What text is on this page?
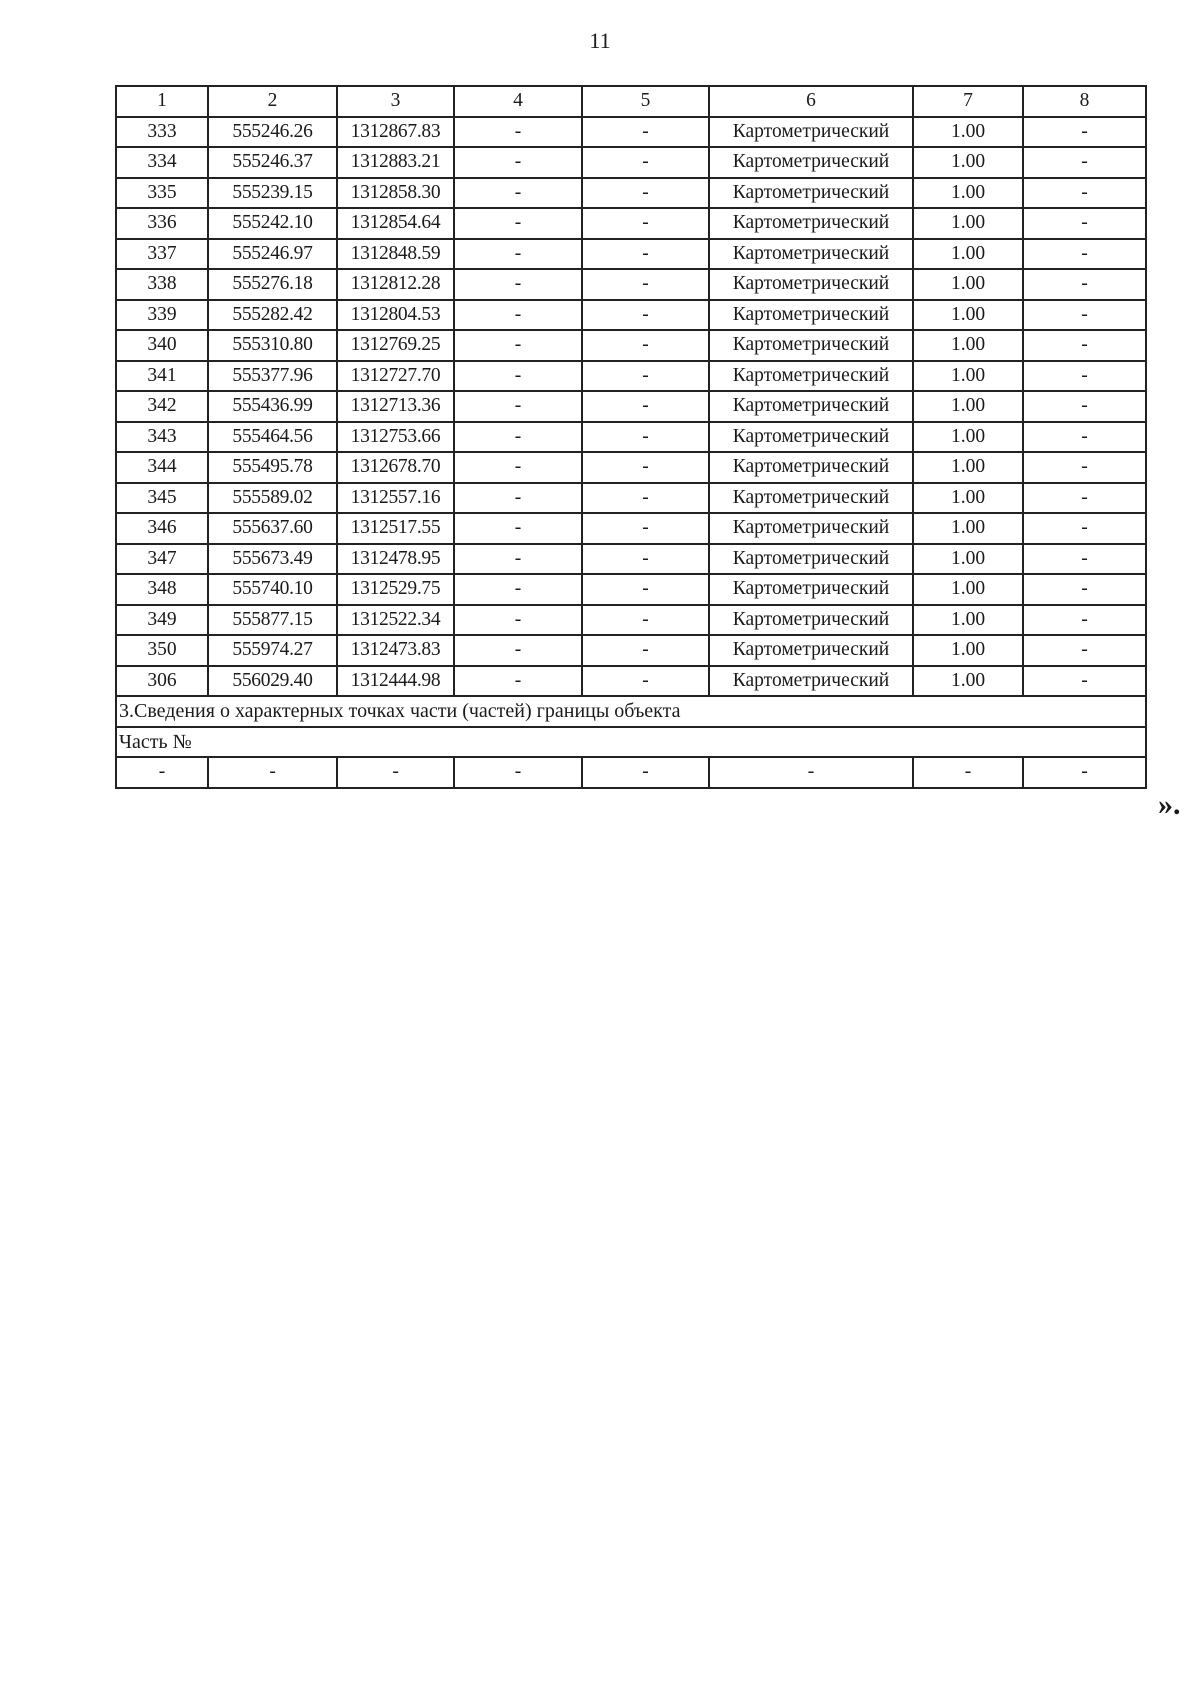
11
1	2	3	4	5	6	7	8
333	555246.26	1312867.83	-	-	Картометрический	1.00	-
334	555246.37	1312883.21	-	-	Картометрический	1.00	-
335	555239.15	1312858.30	-	-	Картометрический	1.00	-
336	555242.10	1312854.64	-	-	Картометрический	1.00	-
337	555246.97	1312848.59	-	-	Картометрический	1.00	-
338	555276.18	1312812.28	-	-	Картометрический	1.00	-
339	555282.42	1312804.53	-	-	Картометрический	1.00	-
340	555310.80	1312769.25	-	-	Картометрический	1.00	-
341	555377.96	1312727.70	-	-	Картометрический	1.00	-
342	555436.99	1312713.36	-	-	Картометрический	1.00	-
343	555464.56	1312753.66	-	-	Картометрический	1.00	-
344	555495.78	1312678.70	-	-	Картометрический	1.00	-
345	555589.02	1312557.16	-	-	Картометрический	1.00	-
346	555637.60	1312517.55	-	-	Картометрический	1.00	-
347	555673.49	1312478.95	-	-	Картометрический	1.00	-
348	555740.10	1312529.75	-	-	Картометрический	1.00	-
349	555877.15	1312522.34	-	-	Картометрический	1.00	-
350	555974.27	1312473.83	-	-	Картометрический	1.00	-
306	556029.40	1312444.98	-	-	Картометрический	1.00	-
3.Сведения о характерных точках части (частей) границы объекта							
Часть №							
-	-	-	-	-	-	-	-
».
